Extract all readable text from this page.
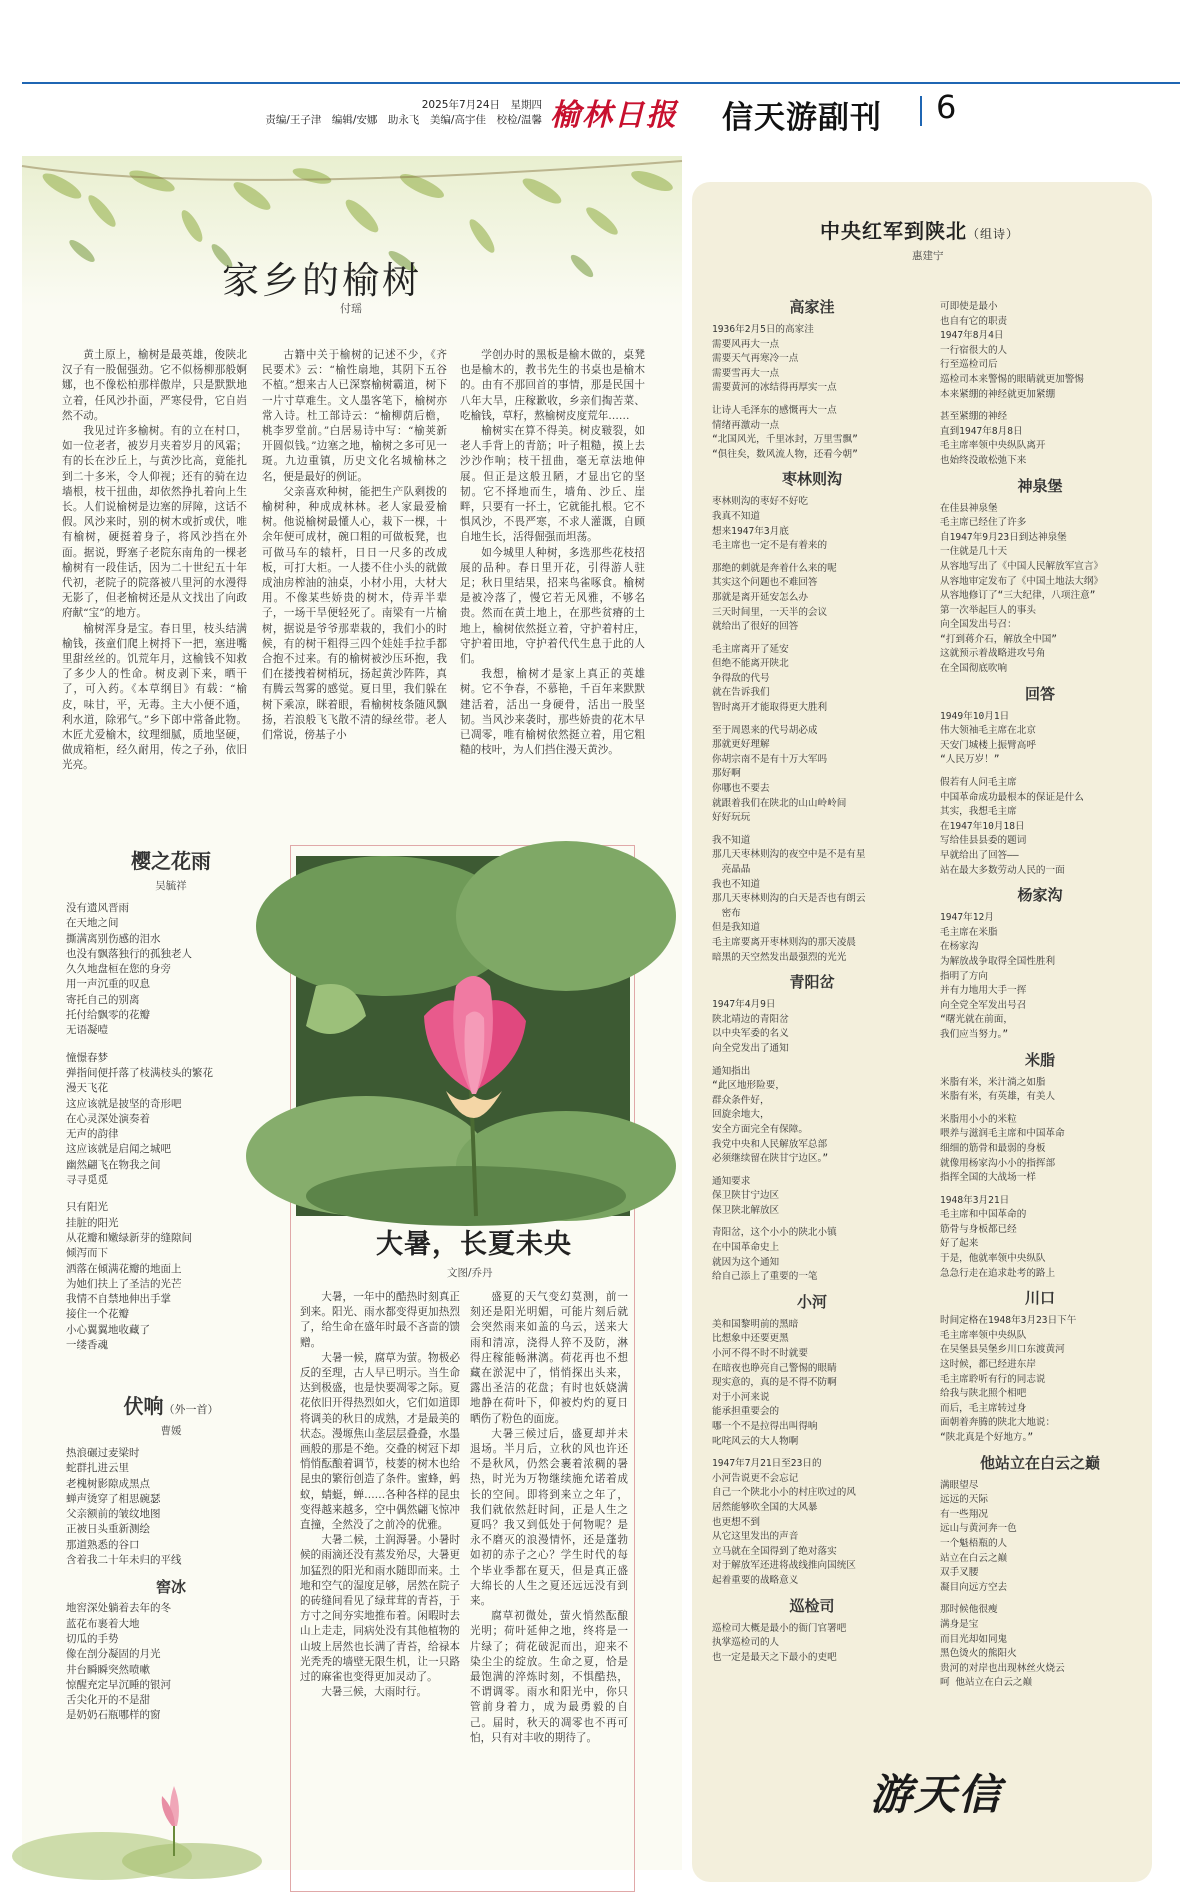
2025年7月24日　星期四
责编/王子津　编辑/安娜　助永飞　美编/高宇佳　校检/温馨 榆林日报 信天游副刊 6
家乡的榆树
付瑶

黄土原上，榆树是最英雄，俊陕北汉子有一股倔强劲。它不似杨柳那般婀娜，也不像松柏那样傲岸，只是默默地立着，任风沙扑面，严寒侵骨，它自岿然不动。

我见过许多榆树。有的立在村口，如一位老者，被岁月夹着岁月的风霜；有的长在沙丘上，与黄沙比高，竟能扎到二十多米，令人仰视；还有的骑在边墙根，枝干扭曲，却依然挣扎着向上生长。人们说榆树是边塞的屏障，这话不假。风沙来时，别的树木或折或伏，唯有榆树，硬挺着身子，将风沙挡在外面。据说，野塞子老院东南角的一棵老榆树有一段佳话，因为二十世纪五十年代初，老院子的院落被八里河的水漫得无影了，但老榆树还是从文找出了向政府献“宝”的地方。

榆树浑身是宝。春日里，枝头结满榆钱，孩童们爬上树捋下一把，塞进嘴里甜丝丝的。饥荒年月，这榆钱不知救了多少人的性命。树皮剥下来，晒干了，可入药。《本草纲目》有载：“榆皮，味甘，平，无毒。主大小便不通，利水道，除邪气。”乡下郎中常备此物。木匠尤爱榆木，纹理细腻，质地坚硬，做成箱柜，经久耐用，传之子孙，依旧光亮。

古籍中关于榆树的记述不少，《齐民要术》云：“榆性扇地，其阴下五谷不植。”想来古人已深察榆树霸道，树下一片寸草难生。文人墨客笔下，榆树亦常入诗。杜工部诗云：“榆柳荫后檐，桃李罗堂前。”白居易诗中写：“榆荚新开圆似钱。”边塞之地，榆树之多可见一斑。九边重镇，历史文化名城榆林之名，便是最好的例证。

父亲喜欢种树，能把生产队剩拨的榆树种，种成成林林。老人家最爱榆树。他说榆树最懂人心，栽下一棵，十余年便可成材，碗口粗的可做板凳，也可做马车的辕杆，日日一尺多的改成板，可打大柜。一人搂不住小头的就做成油房榨油的油桌，小材小用，大材大用。不像某些娇贵的树木，侍弄半辈子，一场干旱便轻死了。南梁有一片榆树，据说是爷爷那辈栽的，我们小的时候，有的树干粗得三四个娃娃手拉手都合抱不过来。有的榆树被沙压环抱，我们在搂拽着树梢玩，扬起黄沙阵阵，真有腾云驾雾的感觉。夏日里，我们躲在树下乘凉，眯着眼，看榆树枝条随风飘扬，若浪般飞飞散不清的绿丝带。老人们常说，傍基子小

学创办时的黑板是榆木做的，桌凳也是榆木的，教书先生的书桌也是榆木的。由有不那回首的事情，那是民国十八年大旱，庄稼歉收，乡亲们掏苦菜、吃榆钱，草籽，熬榆树皮度荒年……

榆树实在算不得美。树皮皲裂，如老人手背上的青筋；叶子粗糙，摸上去沙沙作响；枝干扭曲，毫无章法地伸展。但正是这般丑陋，才显出它的坚韧。它不择地而生，墙角、沙丘、崖畔，只要有一抔土，它就能扎根。它不惧风沙，不畏严寒，不求人灌溉，自顾自地生长，活得倔强而坦荡。

如今城里人种树，多选那些花枝招展的品种。春日里开花，引得游人驻足；秋日里结果，招来鸟雀啄食。榆树是被冷落了，慢它若无风雅，不够名贵。然而在黄土地上，在那些贫瘠的土地上，榆树依然挺立着，守护着村庄，守护着田地，守护着代代生息于此的人们。

我想，榆树才是家上真正的英雄树。它不争春，不慕艳，千百年来默默建活着，活出一身硬骨，活出一股坚韧。当风沙来袭时，那些娇贵的花木早已凋零，唯有榆树依然挺立着，用它粗糙的枝叶，为人们挡住漫天黄沙。

樱之花雨
吴毓祥
没有遗风晋雨
在天地之间
撕满离别伤感的泪水
也没有飘落独行的孤独老人
久久地盘桓在您的身旁
用一声沉重的叹息
寄托自己的别离
托付给飘零的花瓣
无语凝噎
憧憬春梦
弹指间便扦落了枝满枝头的繁花
漫天飞花
这应该就是披坚的奇形吧
在心灵深处演奏着
无声的韵律
这应该就是启闻之城吧
幽然翩飞在物我之间
寻寻觅觅
只有阳光
挂脏的阳光
从花瓣和嫩绿新芽的缝隙间
倾泻而下
洒落在倾满花瓣的地面上
为她们扶上了圣洁的光芒
我情不自禁地伸出手掌
接住一个花瓣
小心翼翼地收藏了
一缕香魂
伏响（外一首）
曹媛
热浪碾过麦梁时
蛇群扎进云里
老槐树影隙成黑点
蝉声烫穿了相思碗瑟
父亲额前的皱纹地图
正被日头重新测绘
那道熟悉的谷口
含着我二十年未归的平线
窖冰
地窖深处躺着去年的冬
蓝花布裹着大地
切瓜的手势
像在剖分凝固的月光
井台瞬瞬突然喷嗽
惊醒充定早沉睡的银河
舌尖化开的不是甜
是奶奶石瓶哪样的窗
大暑，长夏未央
文图/乔丹

大暑，一年中的酷热时刻真正到来。阳光、雨水都变得更加热烈了，给生命在盛年时最不吝啬的馈赠。

大暑一候，腐草为萤。物极必反的至理，古人早已明示。当生命达到极盛，也是快要凋零之际。夏花依旧开得热烈如火，它们如道即将调美的秋日的成熟，才是最美的状态。漫塬焦山垄层层叠叠，水墨画般的那是不绝。交叠的树冠下却悄悄酝酿着调节，枝萎的树木也给昆虫的繁衍创造了条件。蜜蜂，蚂蚁，蜻蜓，蝉……各种各样的昆虫变得越来越多，空中偶然翩飞惊冲直撞，全然没了之前冷的优雅。

大暑二候，土润溽暑。小暑时候的雨滴还没有蒸发殆尽，大暑更加猛烈的阳光和雨水随即而来。土地和空气的湿度足够，居然在院子的砖缝间看见了绿茸茸的青苔，于方寸之间夯实地推布着。闲暇时去山上走走，同病处没有其他植物的山坡上居然也长满了青苔，给禄本光秃秃的墙壁无限生机，让一只路过的麻雀也变得更加灵动了。

大暑三候，大雨时行。

盛夏的天气变幻莫测，前一刻还是阳光明媚，可能片刻后就会突然雨来如盖的乌云，送来大雨和清凉，浇得人猝不及防，淋得庄稼能畅淋漓。荷花再也不想藏在淤泥中了，悄悄探出头来，露出圣洁的花盘；有时也妖娆满地静在荷叶下，仰被灼灼的夏日晒伤了粉色的面庞。

大暑三候过后，盛夏却并未退场。半月后，立秋的风也许还不是秋风，仍然会裹着浓稠的暑热，时光为万物继续施允诺着成长的空间。即将到来立之年了，我们就依然赶时间，正是人生之夏吗？我又到低处于何物呢？是永不磨灭的浪漫情怀，还是蓬勃如初的赤子之心？学生时代的每个毕业季都在夏天，但是真正盛大绵长的人生之夏还远远没有到来。

腐草初微处，萤火悄然酝酿光明；荷叶延伸之地，终将是一片绿了；荷花破泥而出，迎来不染尘尘的绽放。生命之夏，恰是最饱满的淬炼时刻，不惧酷热，不谓调零。雨水和阳光中，你只管前身着力，成为最勇毅的自己。届时，秋天的凋零也不再可怕，只有对丰收的期待了。

中央红军到陕北（组诗）
惠建宁
高家洼
1936年2月5日的高家洼
需要风再大一点
需要天气再寒冷一点
需要雪再大一点
需要黄河的冰结得再厚实一点
让诗人毛泽东的感慨再大一点
情绪再激动一点
“北国风光，千里冰封，万里雪飘”
“俱往矣，数风流人物，还看今朝”
枣林则沟
枣林则沟的枣好不好吃
我真不知道
想来1947年3月底
毛主席也一定不是有着来的
那绝的刺就是奔着什么来的呢
其实这个问题也不难回答
那就是离开延安怎么办
三天时间里，一天半的会议
就给出了很好的回答
毛主席离开了延安
但绝不能离开陕北
争得敌的代号
就在告诉我们
智时离开才能取得更大胜利
至于周恩来的代号胡必成
那就更好理解
你胡宗南不是有十万大军吗
那好啊
你哪也不要去
就跟着我们在陕北的山山岭岭间
好好玩玩
我不知道
那几天枣林则沟的夜空中是不是有星
　亮晶晶
我也不知道
那几天枣林则沟的白天是否也有朗云
　密布
但是我知道
毛主席要离开枣林则沟的那天凌晨
暗黑的天空然发出最强烈的光光
青阳岔
1947年4月9日
陕北靖边的青阳岔
以中央军委的名义
向全党发出了通知
通知指出
“此区地形险要，
群众条件好，
回旋余地大，
安全方面完全有保障。
我党中央和人民解放军总部
必须继续留在陕甘宁边区。”
通知要求
保卫陕甘宁边区
保卫陕北解放区
青阳岔，这个小小的陕北小镇
在中国革命史上
就因为这个通知
给自己添上了重要的一笔
小河
美和国黎明前的黑暗
比想象中还要更黑
小河不得不时不时就要
在暗夜也睁亮自己警惕的眼睛
现实意的，真的是不得不防啊
对于小河来说
能承担重要会的
哪一个不是拉得出叫得响
叱咤风云的大人物啊
1947年7月21日至23日的
小河告说更不会忘记
自己一个陕北小小的村庄吹过的风
居然能够吹全国的大风暴
也更想不到
从它这里发出的声音
立马就在全国得到了绝对落实
对于解放军还进将战线推向国统区
起着重要的战略意义
巡检司
巡检司大概是最小的衙门官署吧
执掌巡检司的人
也一定是最天之下最小的吏吧
可即使是最小
也自有它的职责
1947年8月4日
一行宿很大的人
行至巡检司后
巡检司本来警惕的眼睛就更加警惕
本来紧绷的神经就更加紧绷
甚至紧绷的神经
直到1947年8月8日
毛主席率领中央纵队离开
也始终没敢松弛下来
神泉堡
在佳县神泉堡
毛主席已经住了许多
自1947年9月23日到达神泉堡
一住就是几十天
从容地写出了《中国人民解放军宣言》
从容地审定发布了《中国土地法大纲》
从容地修订了“三大纪律，八项注意”
第一次举起巨人的事头
向全国发出号召：
“打到蒋介石，解放全中国”
这就预示着战略进攻号角
在全国彻底吹响
回答
1949年10月1日
伟大领袖毛主席在北京
天安门城楼上振臂高呼
“人民万岁！”
假若有人问毛主席
中国革命成功最根本的保证是什么
其实，我想毛主席
在1947年10月18日
写给佳县县委的题词
早就给出了回答——
站在最大多数劳动人民的一面
杨家沟
1947年12月
毛主席在米脂
在杨家沟
为解放战争取得全国性胜利
指明了方向
并有力地用大手一挥
向全党全军发出号召
“曙光就在前面，
我们应当努力。”
米脂
米脂有米，米汁淌之如脂
米脂有米，有英雄，有美人
米脂用小小的米粒
喂养与滋润毛主席和中国革命
细细的筋骨和最弱的身板
就像用杨家沟小小的指挥部
指挥全国的大战场一样
1948年3月21日
毛主席和中国革命的
筋骨与身板都已经
好了起来
于是，他就率领中央纵队
急急行走在追求赴考的路上
川口
时间定格在1948年3月23日下午
毛主席率领中央纵队
在吴堡县吴堡乡川口东渡黄河
这时候，都已经进东岸
毛主席聆听有行的同志说
给我与陕北照个相吧
而后，毛主席转过身
面朝着奔腾的陕北大地说：
“陕北真是个好地方。”
他站立在白云之巅
满眼望尽
远远的天际
有一些翔况
远山与黄河奔一色
一个魁梧瓶的人
站立在白云之巅
双手叉腰
凝目向远方空去
那时候他很瘦
满身是宝
而目光却如同鬼
黑色烫火的熊阳火
贵河的对岸也出现林丝火烧云
呵 他站立在白云之巅
游天信
